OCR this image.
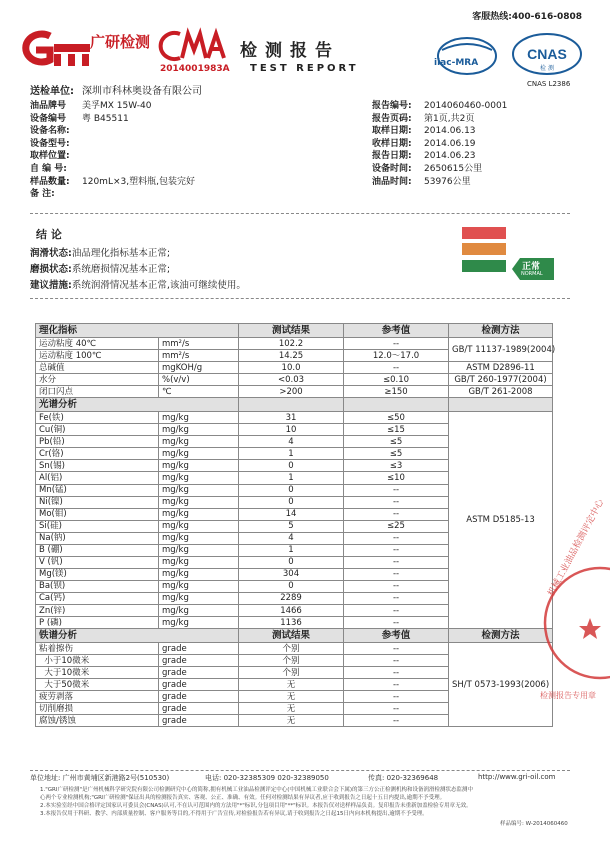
客服热线:400-616-0808
广研检测
2014001983A
检测报告
TEST REPORT	ilac-MRA
CNAS
检 测
CNAS L2386
送检单位: 深圳市科林奥设备有限公司
油品牌号 美孚MX 15W-40
设备编号 粤 B45511
设备名称:
设备型号:
取样位置:
自 编 号:
样品数量: 120mL×3,塑料瓶,包装完好
备 注:
报告编号: 2014060460-0001
报告页码: 第1页,共2页
取样日期: 2014.06.13
收样日期: 2014.06.19
报告日期: 2014.06.23
设备时间: 2650615公里
油品时间: 53976公里
结 论
润滑状态:油品理化指标基本正常;
磨损状态:系统磨损情况基本正常;
建议措施:系统润滑情况基本正常,该油可继续使用。
正常
NORMAL
理化指标		测试结果	参考值	检测方法
运动粘度 40℃	mm²/s	102.2	--	GB/T 11137-1989(2004)
运动粘度 100℃	mm²/s	14.25	12.0～17.0	
总碱值	mgKOH/g	10.0	--	ASTM D2896-11
水分	%(v/v)	<0.03	≤0.10	GB/T 260-1977(2004)
闭口闪点	℃	>200	≥150	GB/T 261-2008
光谱分析				
Fe(铁)	mg/kg	31	≤50	ASTM D5185-13
Cu(铜)	mg/kg	10	≤15	
Pb(铅)	mg/kg	4	≤5	
Cr(铬)	mg/kg	1	≤5	
Sn(锡)	mg/kg	0	≤3	
Al(铝)	mg/kg	1	≤10	
Mn(锰)	mg/kg	0	--	
Ni(镍)	mg/kg	0	--	
Mo(钼)	mg/kg	14	--	
Si(硅)	mg/kg	5	≤25	
Na(钠)	mg/kg	4	--	
B (硼)	mg/kg	1	--	
V (钒)	mg/kg	0	--	
Mg(镁)	mg/kg	304	--	
Ba(钡)	mg/kg	0	--	
Ca(钙)	mg/kg	2289	--	
Zn(锌)	mg/kg	1466	--	
P (磷)	mg/kg	1136	--	
铁谱分析		测试结果	参考值	检测方法
粘着擦伤	grade	个别	--	SH/T 0573-1993(2006)
小于10微米	grade	个别	--	
大于10微米	grade	个别	--	
大于50微米	grade	无	--	
疲劳剥落	grade	无	--	
切削磨损	grade	无	--	
腐蚀/锈蚀	grade	无	--	
机械工业油品检测评定中心
检测报告专用章
单位地址: 广州市黄埔区新港路2号(510530)	电话: 020-32385309 020-32389050	传真: 020-32369648	http://www.gri-oil.com
1."GRI广研检测"是广州机械科学研究院有限公司检测研究中心的简称,拥有机械工业油品检测评定中心(中国机械工业联合会下属)的第三方公正检测机构和设备润滑检测状态监测中
心两个专业检测机构;"GRI广研检测"保证出具的检测报告真实、客观、公正、准确、有效。任何对检测结果有异议者,应于收到报告之日起十五日内提出,逾期不予受理。
2.本实验室经中国合格评定国家认可委员会(CNAS)认可,不在认可范围内的方法用"*"标识,分包项目用"**"标识。本报告仅对送样样品负责。复印报告未重新加盖检验专用章无效。
3.本报告仅用于科研、教学、内部质量控制、客户服务等目的,不得用于广告宣传,对检验报告若有异议,请于收到报告之日起15日内向本机构提出,逾期不予受理。
样品编号: W-2014060460
